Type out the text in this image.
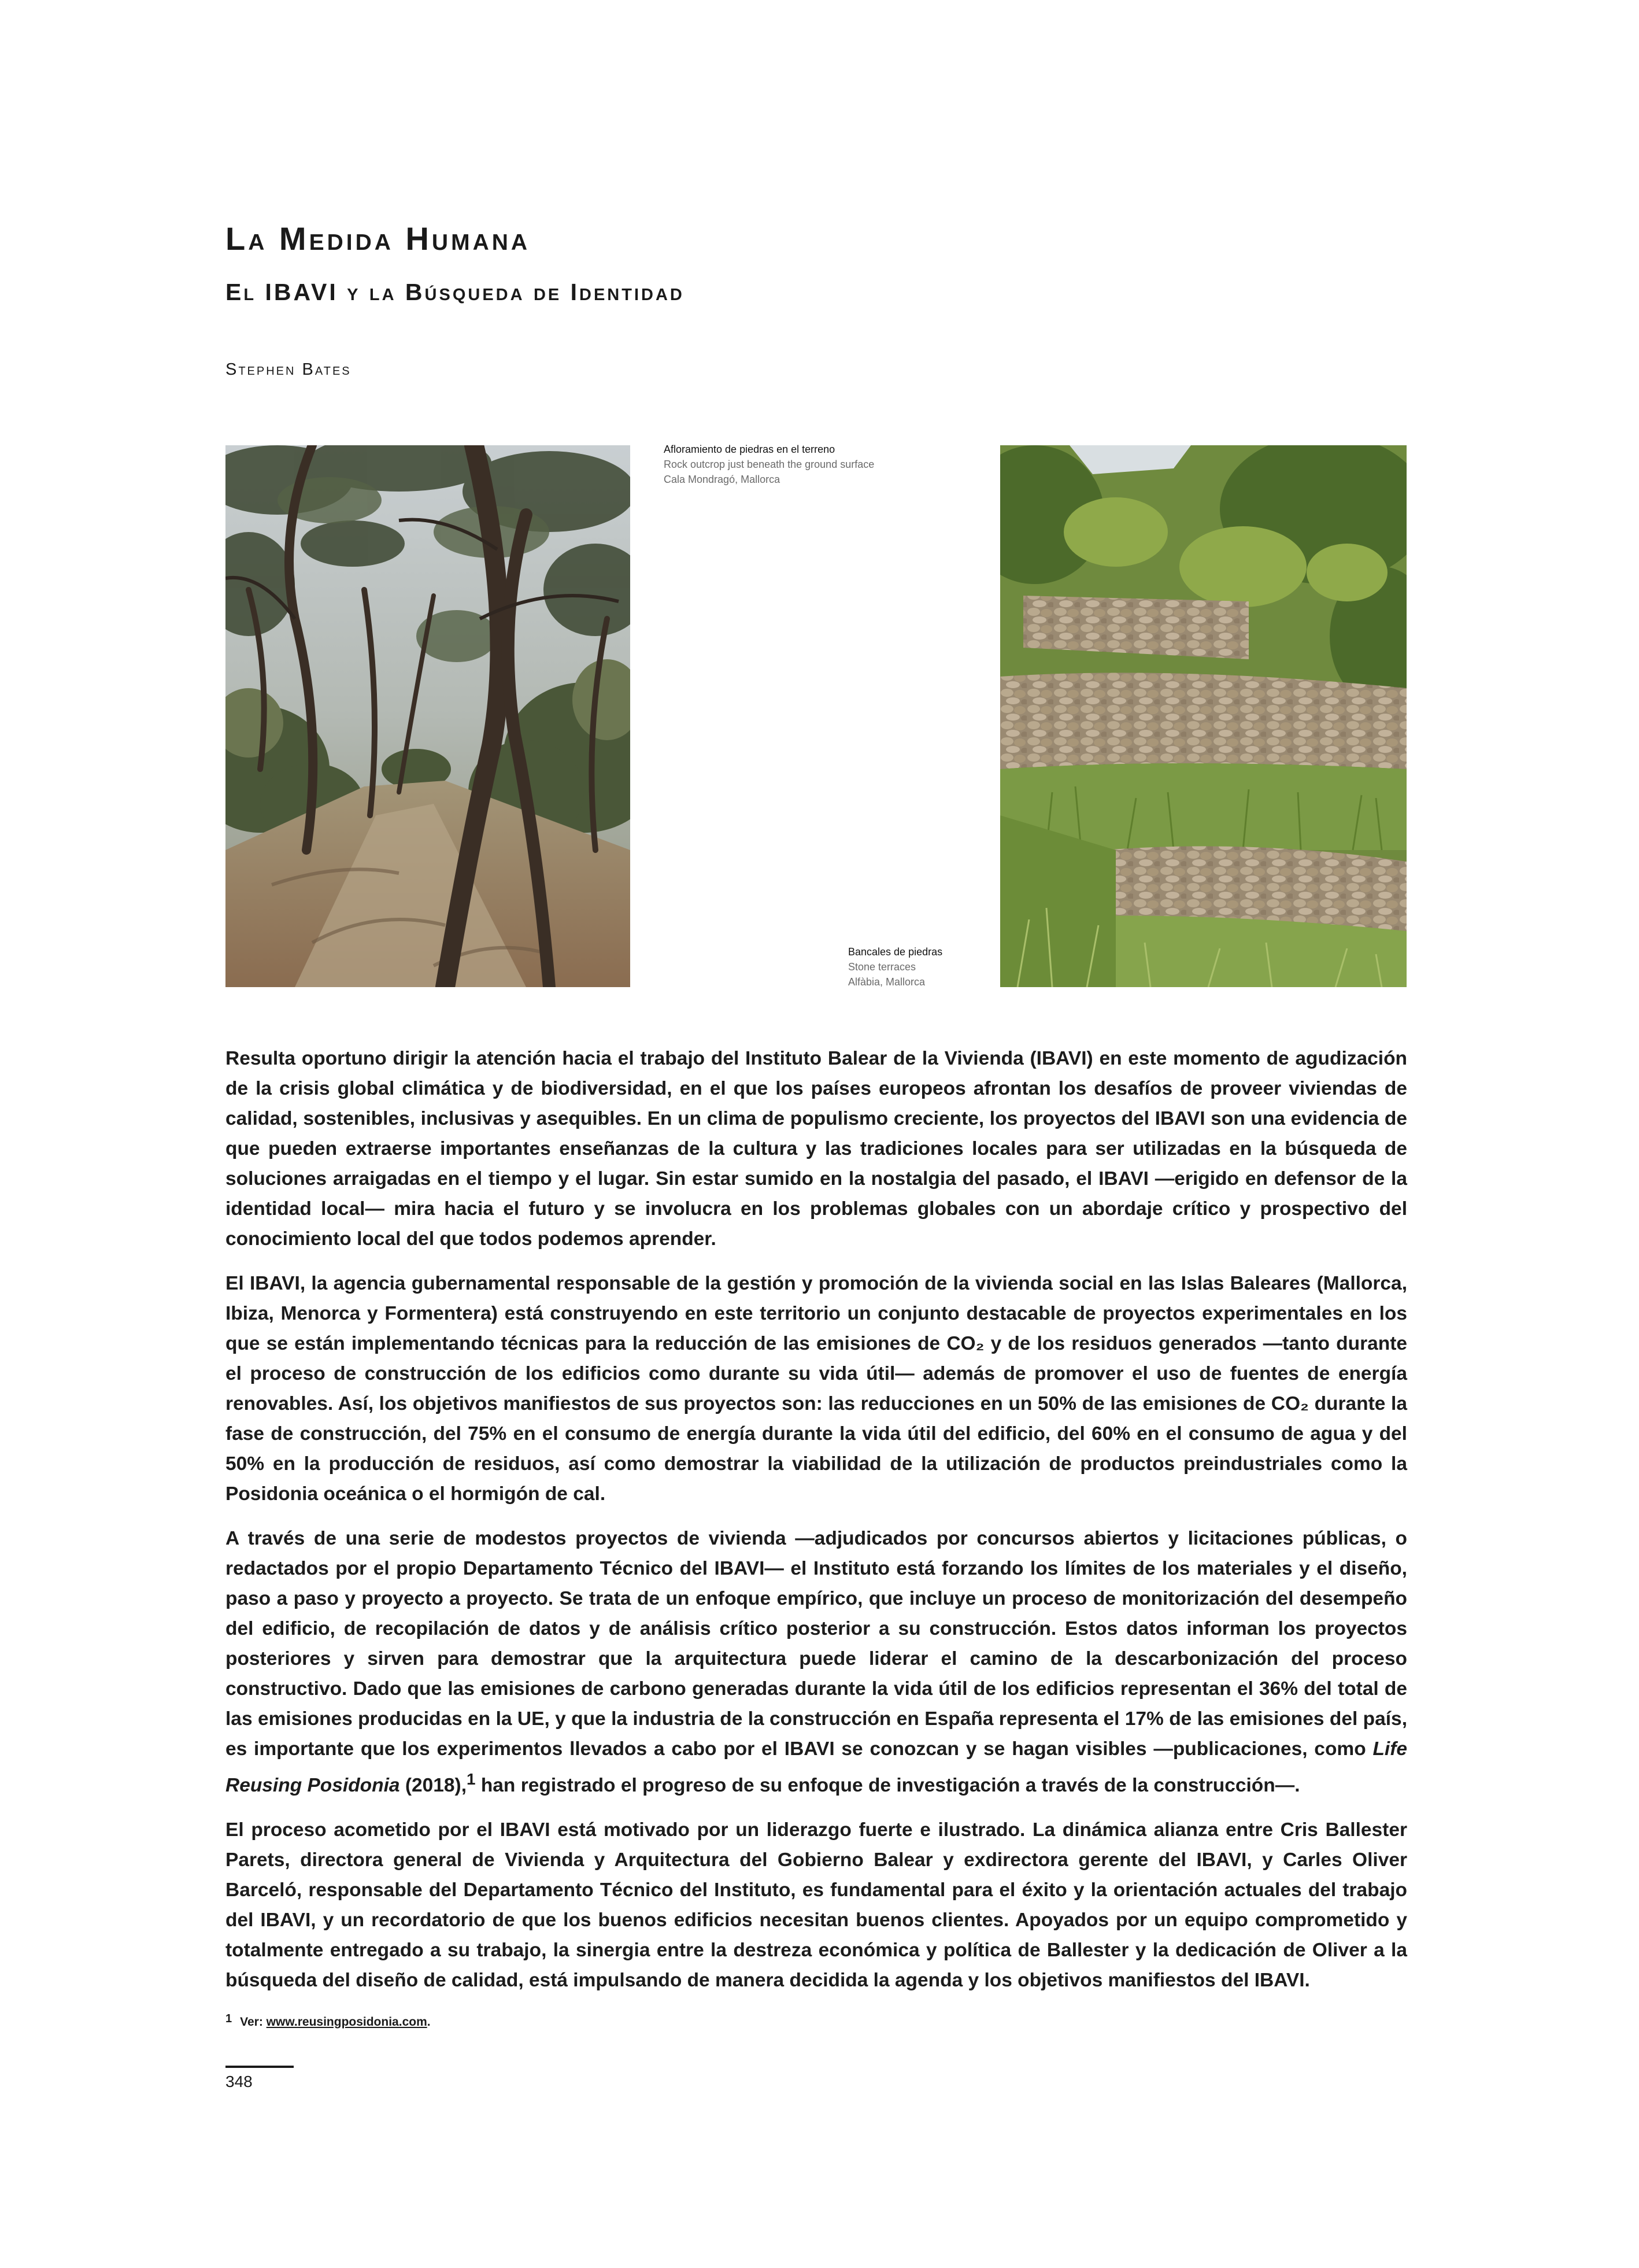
La Medida Humana
El IBAVI y la Búsqueda de Identidad

Stephen Bates

Afloramiento de piedras en el terreno
Rock outcrop just beneath the ground surface
Cala Mondragó, Mallorca
Bancales de piedras
Stone terraces
Alfàbia, Mallorca

Resulta oportuno dirigir la atención hacia el trabajo del Instituto Balear de la Vivienda (IBAVI) en este momento de agudización de la crisis global climática y de biodiversidad, en el que los países europeos afrontan los desafíos de proveer viviendas de calidad, sostenibles, inclusivas y asequibles. En un clima de populismo creciente, los proyectos del IBAVI son una evidencia de que pueden extraerse importantes enseñanzas de la cultura y las tradiciones locales para ser utilizadas en la búsqueda de soluciones arraigadas en el tiempo y el lugar. Sin estar sumido en la nostalgia del pasado, el IBAVI —erigido en defensor de la identidad local— mira hacia el futuro y se involucra en los problemas globales con un abordaje crítico y prospectivo del conocimiento local del que todos podemos aprender.

El IBAVI, la agencia gubernamental responsable de la gestión y promoción de la vivienda social en las Islas Baleares (Mallorca, Ibiza, Menorca y Formentera) está construyendo en este territorio un conjunto destacable de proyectos experimentales en los que se están implementando técnicas para la reducción de las emisiones de CO₂ y de los residuos generados —tanto durante el proceso de construcción de los edificios como durante su vida útil— además de promover el uso de fuentes de energía renovables. Así, los objetivos manifiestos de sus proyectos son: las reducciones en un 50% de las emisiones de CO₂ durante la fase de construcción, del 75% en el consumo de energía durante la vida útil del edificio, del 60% en el consumo de agua y del 50% en la producción de residuos, así como demostrar la viabilidad de la utilización de productos preindustriales como la Posidonia oceánica o el hormigón de cal.

A través de una serie de modestos proyectos de vivienda —adjudicados por concursos abiertos y licitaciones públicas, o redactados por el propio Departamento Técnico del IBAVI— el Instituto está forzando los límites de los materiales y el diseño, paso a paso y proyecto a proyecto. Se trata de un enfoque empírico, que incluye un proceso de monitorización del desempeño del edificio, de recopilación de datos y de análisis crítico posterior a su construcción. Estos datos informan los proyectos posteriores y sirven para demostrar que la arquitectura puede liderar el camino de la descarbonización del proceso constructivo. Dado que las emisiones de carbono generadas durante la vida útil de los edificios representan el 36% del total de las emisiones producidas en la UE, y que la industria de la construcción en España representa el 17% de las emisiones del país, es importante que los experimentos llevados a cabo por el IBAVI se conozcan y se hagan visibles —publicaciones, como Life Reusing Posidonia (2018),$^1$ han registrado el progreso de su enfoque de investigación a través de la construcción—.

El proceso acometido por el IBAVI está motivado por un liderazgo fuerte e ilustrado. La dinámica alianza entre Cris Ballester Parets, directora general de Vivienda y Arquitectura del Gobierno Balear y exdirectora gerente del IBAVI, y Carles Oliver Barceló, responsable del Departamento Técnico del Instituto, es fundamental para el éxito y la orientación actuales del trabajo del IBAVI, y un recordatorio de que los buenos edificios necesitan buenos clientes. Apoyados por un equipo comprometido y totalmente entregado a su trabajo, la sinergia entre la destreza económica y política de Ballester y la dedicación de Oliver a la búsqueda del diseño de calidad, está impulsando de manera decidida la agenda y los objetivos manifiestos del IBAVI.

$^1$ Ver: www.reusingposidonia.com.

348
